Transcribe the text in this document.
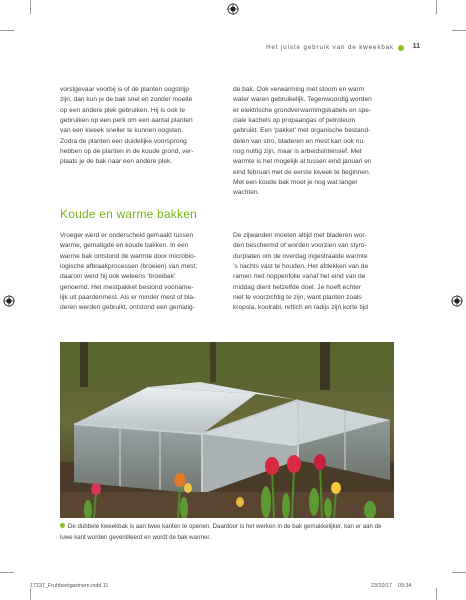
Het juiste gebruik van de kweekbak	11

vorstgevaar voorbij is of de planten oogstrijp
zijn, dan kun je de bak snel en zonder moeite
op een andere plek gebruiken. Hij is ook te
gebruiken op een perk om een aantal planten
van een kweek sneller te kunnen oogsten.
Zodra de planten een duidelijke voorsprong
hebben op de planten in de koude grond, ver-
plaats je de bak naar een andere plek.

Koude en warme bakken

Vroeger werd er onderscheid gemaakt tussen
warme, gematigde en koude bakken. In een
warme bak ontstond de warmte door microbio-
logische afbraakprocessen (broeien) van mest;
daarom werd hij ook weleens ‘broeibak’
genoemd. Het mestpakket bestond vooname-
lijk uit paardenmest. Als er minder mest of bla-
deren werden gebruikt, ontstond een gematig-

de bak. Ook verwarming met stoom en warm
water waren gebruikelijk. Tegenwoordig worden
er elektrische grondverwarmingskabels en spe-
ciale kachels op propaangas of petroleum
gebruikt. Een ‘pakket’ met organische bestand-
delen van stro, bladeren en mest kan ook nu
nog nuttig zijn, maar is arbeidsintensief. Met
warmte is het mogelijk al tussen eind januari en
eind februari met de eerste kweek te beginnen.
Met een koude bak moet je nog wat langer
wachten.

De zijwanden moeten altijd met bladeren wor-
den beschermd of worden voorzien van styro-
durplaten om de overdag ingestraalde warmte
’s nachts vast te houden. Het afdekken van de
ramen met noppenfolie vanaf het eind van de
middag dient hetzelfde doel. Je hoeft echter
niet te voorzichtig te zijn, want planten zoals
kropsla, koolrabi, rettich en radijs zijn korte tijd

De dubbele kweekbak is aan twee kanten te openen. Daardoor is het werken in de bak gemakkelijker, kan er aan de luwe kant worden geventileerd en wordt de bak warmer.
17237_Fruhbeetgartnern.indd 11	23/10/17 09:34
